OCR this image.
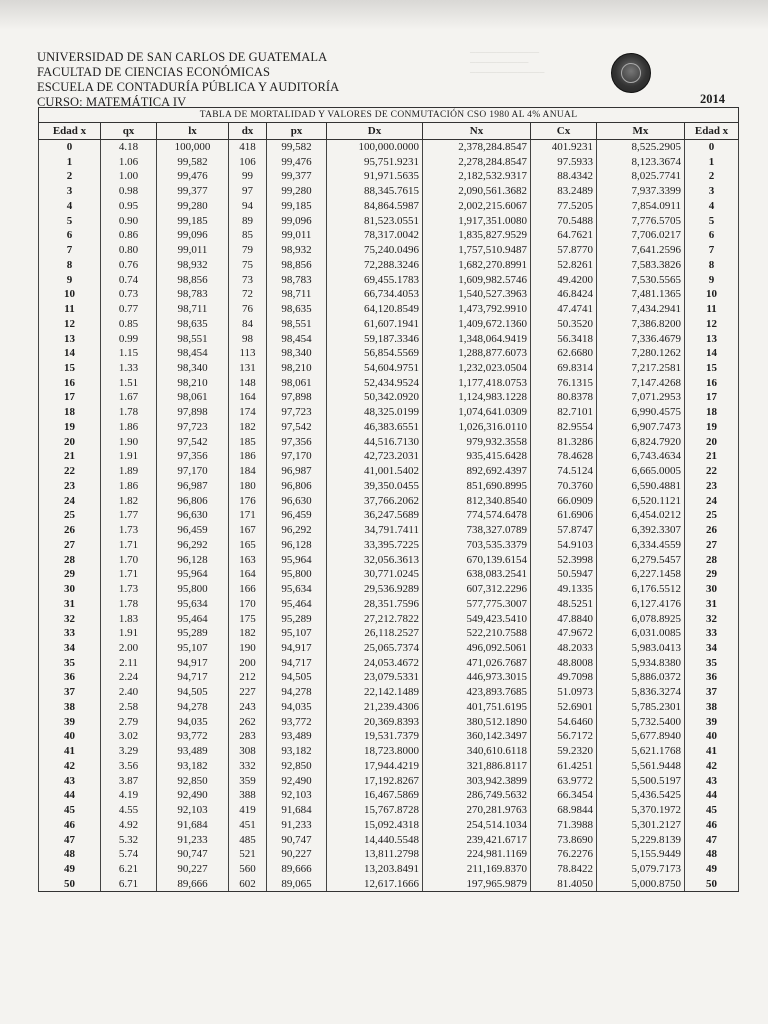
UNIVERSIDAD DE SAN CARLOS DE GUATEMALA
FACULTAD DE CIENCIAS ECONÓMICAS
ESCUELA DE CONTADURÍA PÚBLICA Y AUDITORÍA
CURSO: MATEMÁTICA IV
─────────────
───────────
──────────────
2014
TABLA DE MORTALIDAD Y VALORES DE CONMUTACIÓN CSO 1980 AL 4% ANUAL									
Edad x	qx	lx	dx	px	Dx	Nx	Cx	Mx	Edad x
0	4.18	100,000	418	99,582	100,000.0000	2,378,284.8547	401.9231	8,525.2905	0
1	1.06	99,582	106	99,476	95,751.9231	2,278,284.8547	97.5933	8,123.3674	1
2	1.00	99,476	99	99,377	91,971.5635	2,182,532.9317	88.4342	8,025.7741	2
3	0.98	99,377	97	99,280	88,345.7615	2,090,561.3682	83.2489	7,937.3399	3
4	0.95	99,280	94	99,185	84,864.5987	2,002,215.6067	77.5205	7,854.0911	4
5	0.90	99,185	89	99,096	81,523.0551	1,917,351.0080	70.5488	7,776.5705	5
6	0.86	99,096	85	99,011	78,317.0042	1,835,827.9529	64.7621	7,706.0217	6
7	0.80	99,011	79	98,932	75,240.0496	1,757,510.9487	57.8770	7,641.2596	7
8	0.76	98,932	75	98,856	72,288.3246	1,682,270.8991	52.8261	7,583.3826	8
9	0.74	98,856	73	98,783	69,455.1783	1,609,982.5746	49.4200	7,530.5565	9
10	0.73	98,783	72	98,711	66,734.4053	1,540,527.3963	46.8424	7,481.1365	10
11	0.77	98,711	76	98,635	64,120.8549	1,473,792.9910	47.4741	7,434.2941	11
12	0.85	98,635	84	98,551	61,607.1941	1,409,672.1360	50.3520	7,386.8200	12
13	0.99	98,551	98	98,454	59,187.3346	1,348,064.9419	56.3418	7,336.4679	13
14	1.15	98,454	113	98,340	56,854.5569	1,288,877.6073	62.6680	7,280.1262	14
15	1.33	98,340	131	98,210	54,604.9751	1,232,023.0504	69.8314	7,217.2581	15
16	1.51	98,210	148	98,061	52,434.9524	1,177,418.0753	76.1315	7,147.4268	16
17	1.67	98,061	164	97,898	50,342.0920	1,124,983.1228	80.8378	7,071.2953	17
18	1.78	97,898	174	97,723	48,325.0199	1,074,641.0309	82.7101	6,990.4575	18
19	1.86	97,723	182	97,542	46,383.6551	1,026,316.0110	82.9554	6,907.7473	19
20	1.90	97,542	185	97,356	44,516.7130	979,932.3558	81.3286	6,824.7920	20
21	1.91	97,356	186	97,170	42,723.2031	935,415.6428	78.4628	6,743.4634	21
22	1.89	97,170	184	96,987	41,001.5402	892,692.4397	74.5124	6,665.0005	22
23	1.86	96,987	180	96,806	39,350.0455	851,690.8995	70.3760	6,590.4881	23
24	1.82	96,806	176	96,630	37,766.2062	812,340.8540	66.0909	6,520.1121	24
25	1.77	96,630	171	96,459	36,247.5689	774,574.6478	61.6906	6,454.0212	25
26	1.73	96,459	167	96,292	34,791.7411	738,327.0789	57.8747	6,392.3307	26
27	1.71	96,292	165	96,128	33,395.7225	703,535.3379	54.9103	6,334.4559	27
28	1.70	96,128	163	95,964	32,056.3613	670,139.6154	52.3998	6,279.5457	28
29	1.71	95,964	164	95,800	30,771.0245	638,083.2541	50.5947	6,227.1458	29
30	1.73	95,800	166	95,634	29,536.9289	607,312.2296	49.1335	6,176.5512	30
31	1.78	95,634	170	95,464	28,351.7596	577,775.3007	48.5251	6,127.4176	31
32	1.83	95,464	175	95,289	27,212.7822	549,423.5410	47.8840	6,078.8925	32
33	1.91	95,289	182	95,107	26,118.2527	522,210.7588	47.9672	6,031.0085	33
34	2.00	95,107	190	94,917	25,065.7374	496,092.5061	48.2033	5,983.0413	34
35	2.11	94,917	200	94,717	24,053.4672	471,026.7687	48.8008	5,934.8380	35
36	2.24	94,717	212	94,505	23,079.5331	446,973.3015	49.7098	5,886.0372	36
37	2.40	94,505	227	94,278	22,142.1489	423,893.7685	51.0973	5,836.3274	37
38	2.58	94,278	243	94,035	21,239.4306	401,751.6195	52.6901	5,785.2301	38
39	2.79	94,035	262	93,772	20,369.8393	380,512.1890	54.6460	5,732.5400	39
40	3.02	93,772	283	93,489	19,531.7379	360,142.3497	56.7172	5,677.8940	40
41	3.29	93,489	308	93,182	18,723.8000	340,610.6118	59.2320	5,621.1768	41
42	3.56	93,182	332	92,850	17,944.4219	321,886.8117	61.4251	5,561.9448	42
43	3.87	92,850	359	92,490	17,192.8267	303,942.3899	63.9772	5,500.5197	43
44	4.19	92,490	388	92,103	16,467.5869	286,749.5632	66.3454	5,436.5425	44
45	4.55	92,103	419	91,684	15,767.8728	270,281.9763	68.9844	5,370.1972	45
46	4.92	91,684	451	91,233	15,092.4318	254,514.1034	71.3988	5,301.2127	46
47	5.32	91,233	485	90,747	14,440.5548	239,421.6717	73.8690	5,229.8139	47
48	5.74	90,747	521	90,227	13,811.2798	224,981.1169	76.2276	5,155.9449	48
49	6.21	90,227	560	89,666	13,203.8491	211,169.8370	78.8422	5,079.7173	49
50	6.71	89,666	602	89,065	12,617.1666	197,965.9879	81.4050	5,000.8750	50
